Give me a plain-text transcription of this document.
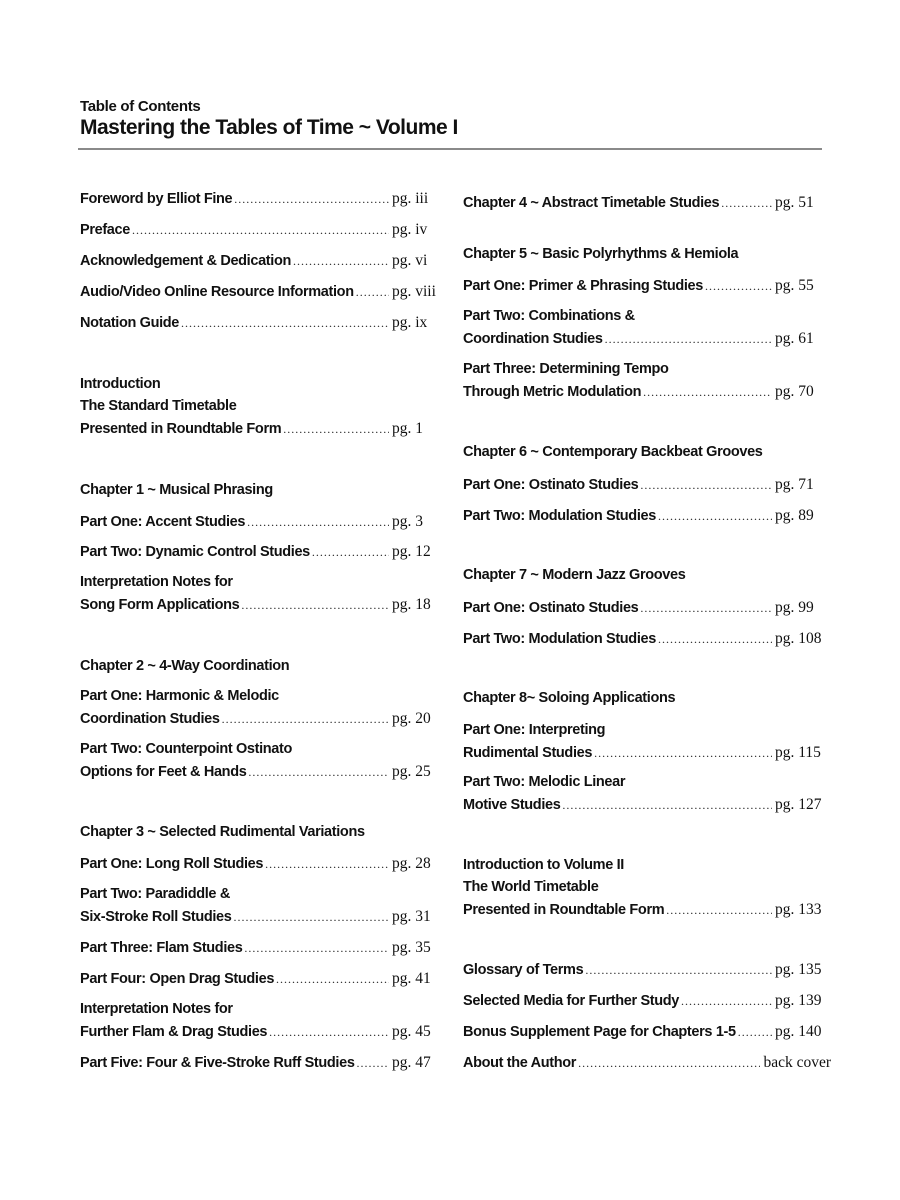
Table of Contents
Mastering the Tables of Time ~ Volume I
Foreword by Elliot Fine .....	pg. iii
Preface .....	pg. iv
Acknowledgement & Dedication .....	pg. vi
Audio/Video Online Resource Information ..... pg. viii
Notation Guide .....	pg. ix
Introduction
The Standard Timetable
Presented in Roundtable Form .....	pg. 1
Chapter 1 ~ Musical Phrasing
Part One: Accent Studies .....	pg. 3
Part Two: Dynamic Control Studies .....	pg. 12
Interpretation Notes for
Song Form Applications .....	pg. 18
Chapter 2 ~ 4-Way Coordination
Part One: Harmonic & Melodic
Coordination Studies .....	pg. 20
Part Two: Counterpoint Ostinato
Options for Feet & Hands .....	pg. 25
Chapter 3 ~ Selected Rudimental Variations
Part One: Long Roll Studies .....	pg. 28
Part Two: Paradiddle &
Six-Stroke Roll Studies .....	pg. 31
Part Three: Flam Studies .....	pg. 35
Part Four: Open Drag Studies .....	pg. 41
Interpretation Notes for
Further Flam & Drag Studies .....	pg. 45
Part Five: Four & Five-Stroke Ruff Studies ..... pg. 47
Chapter 4 ~ Abstract Timetable Studies .....	pg. 51
Chapter 5 ~ Basic Polyrhythms & Hemiola
Part One: Primer & Phrasing Studies .....	pg. 55
Part Two: Combinations &
Coordination Studies .....	pg. 61
Part Three: Determining Tempo
Through Metric Modulation .....	pg. 70
Chapter 6 ~ Contemporary Backbeat Grooves
Part One: Ostinato Studies .....	pg. 71
Part Two: Modulation Studies .....	pg. 89
Chapter 7 ~ Modern Jazz Grooves
Part One: Ostinato Studies .....	pg. 99
Part Two: Modulation Studies .....	pg. 108
Chapter 8~ Soloing Applications
Part One: Interpreting
Rudimental Studies .....	pg. 115
Part Two: Melodic Linear
Motive Studies .....	pg. 127
Introduction to Volume II
The World Timetable
Presented in Roundtable Form .....	pg. 133
Glossary of Terms .....	pg. 135
Selected Media for Further Study .....	pg. 139
Bonus Supplement Page for Chapters 1-5 .....	pg. 140
About the Author .....	back cover
